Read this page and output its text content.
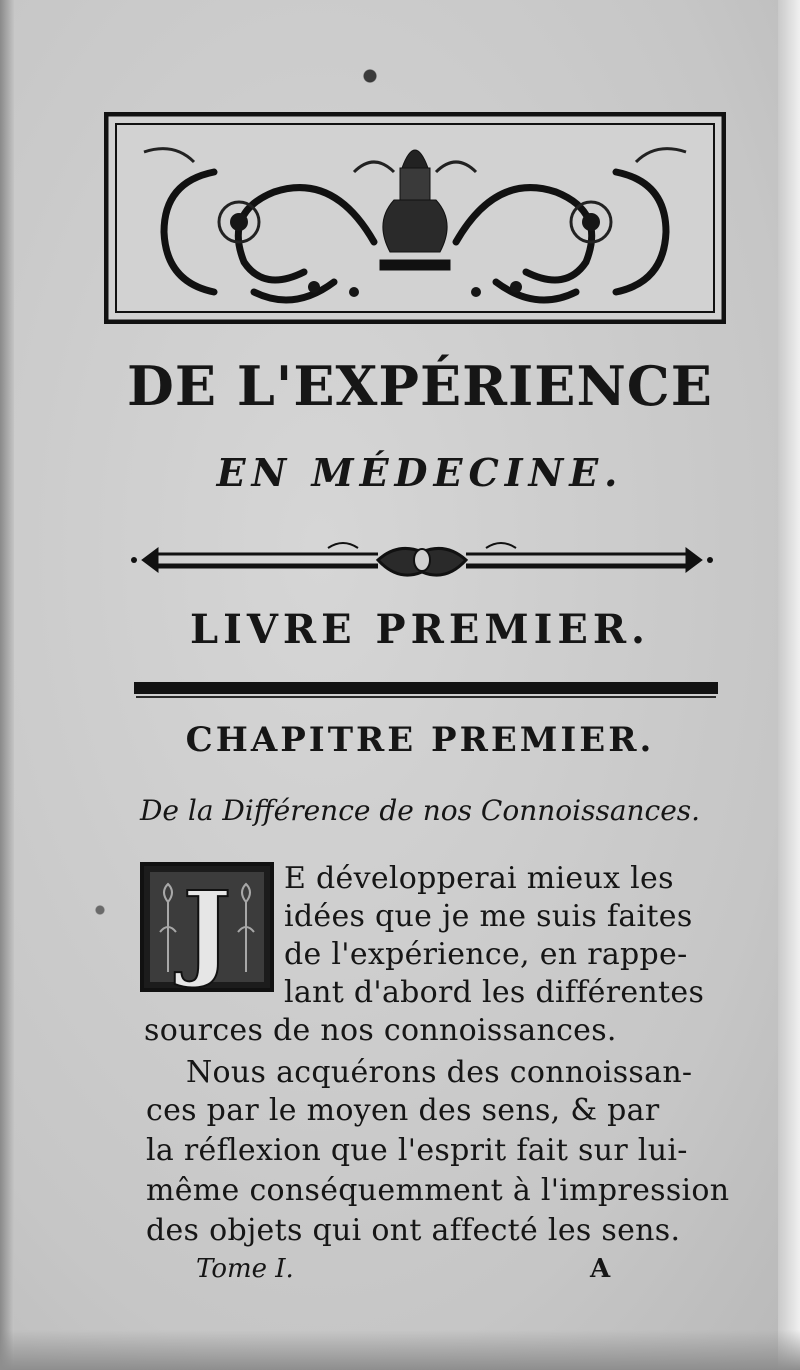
DE L'EXPÉRIENCE
EN MÉDECINE.
LIVRE PREMIER.
CHAPITRE PREMIER.

De la Différence de nos Connoissances.

J E développerai mieux les

idées que je me suis faites

de l'expérience, en rappe-

lant d'abord les différentes

sources de nos connoissances.

Nous acquérons des connoissan-

ces par le moyen des sens, & par

la réflexion que l'esprit fait sur lui-

même conséquemment à l'impression

des objets qui ont affecté les sens.

Tome I.	A
